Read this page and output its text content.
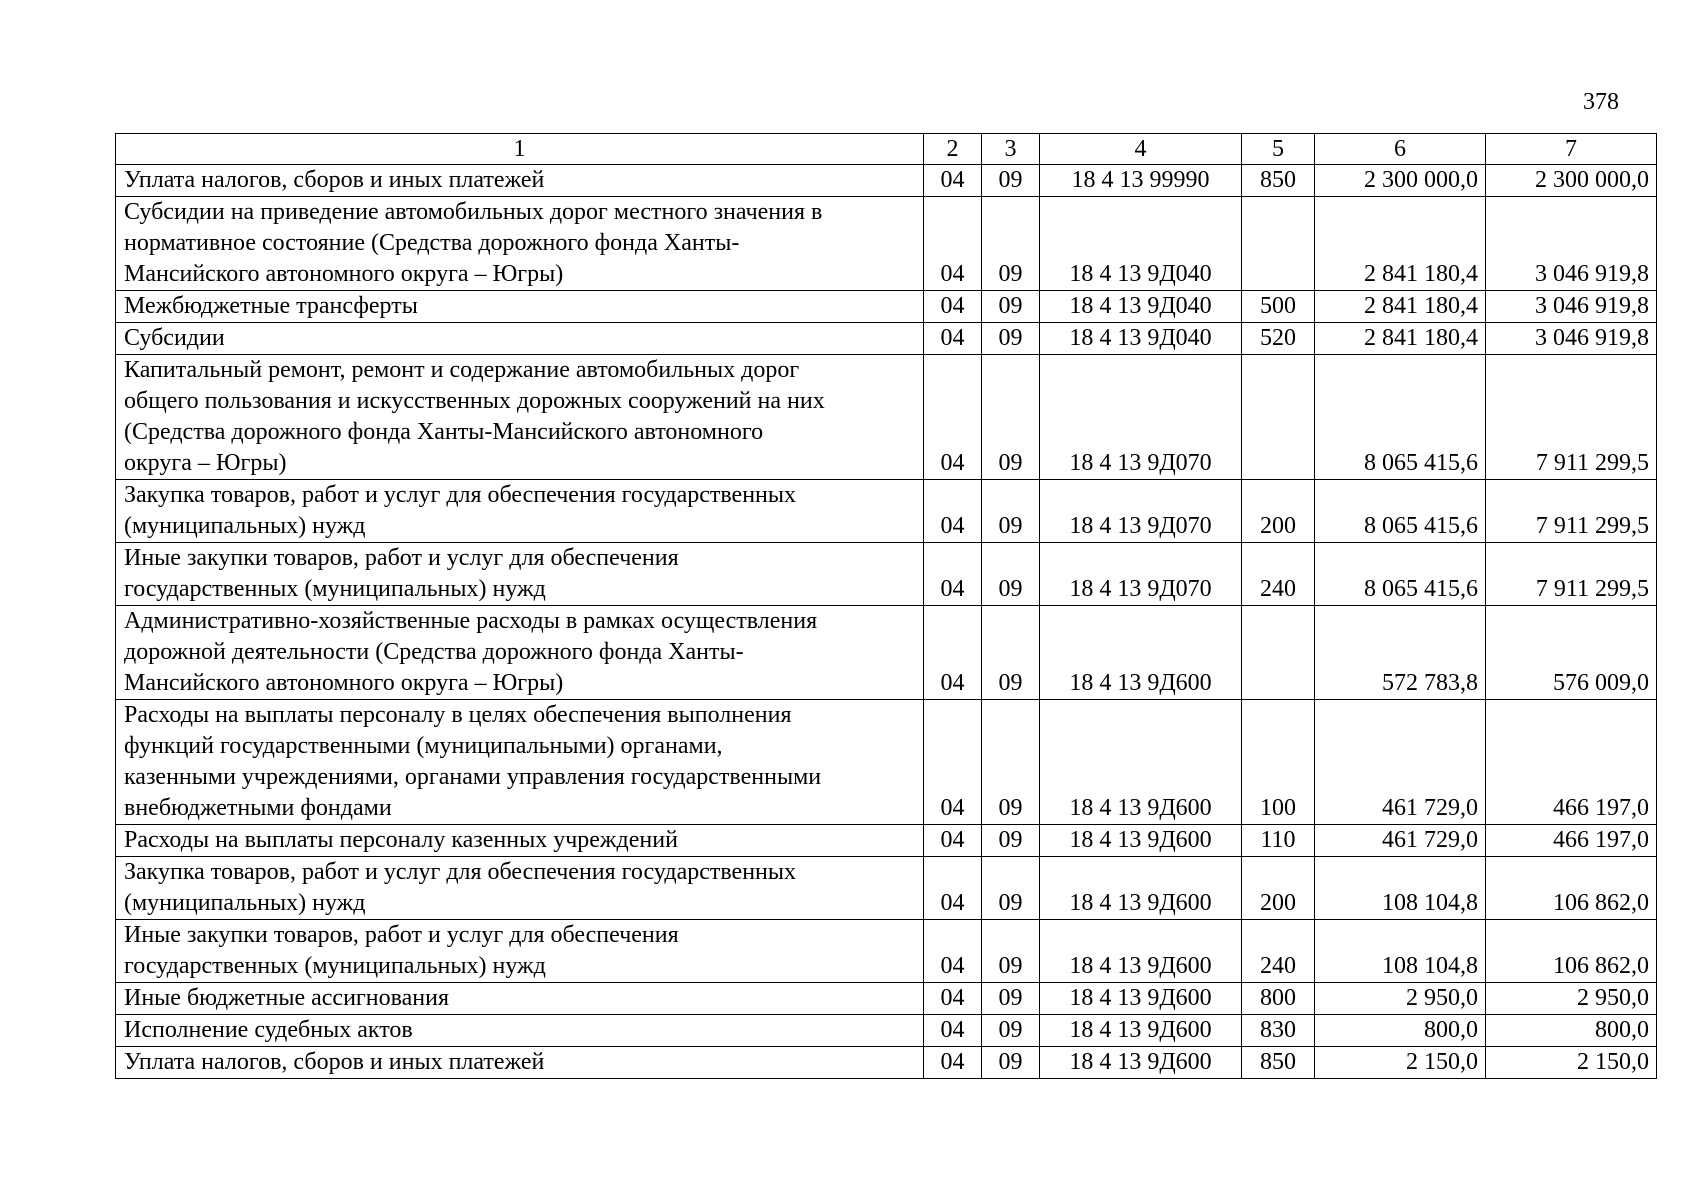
378
1	2	3	4	5	6	7
Уплата налогов, сборов и иных платежей	04	09	18 4 13 99990	850	2 300 000,0	2 300 000,0
Субсидии на приведение автомобильных дорог местного значения в
нормативное состояние (Средства дорожного фонда Ханты-
Мансийского автономного округа – Югры)	04	09	18 4 13 9Д040		2 841 180,4	3 046 919,8
Межбюджетные трансферты	04	09	18 4 13 9Д040	500	2 841 180,4	3 046 919,8
Субсидии	04	09	18 4 13 9Д040	520	2 841 180,4	3 046 919,8
Капитальный ремонт, ремонт и содержание автомобильных дорог
общего пользования и искусственных дорожных сооружений на них
(Средства дорожного фонда Ханты-Мансийского автономного
округа – Югры)	04	09	18 4 13 9Д070		8 065 415,6	7 911 299,5
Закупка товаров, работ и услуг для обеспечения государственных
(муниципальных) нужд	04	09	18 4 13 9Д070	200	8 065 415,6	7 911 299,5
Иные закупки товаров, работ и услуг для обеспечения
государственных (муниципальных) нужд	04	09	18 4 13 9Д070	240	8 065 415,6	7 911 299,5
Административно-хозяйственные расходы в рамках осуществления
дорожной деятельности (Средства дорожного фонда Ханты-
Мансийского автономного округа – Югры)	04	09	18 4 13 9Д600		572 783,8	576 009,0
Расходы на выплаты персоналу в целях обеспечения выполнения
функций государственными (муниципальными) органами,
казенными учреждениями, органами управления государственными
внебюджетными фондами	04	09	18 4 13 9Д600	100	461 729,0	466 197,0
Расходы на выплаты персоналу казенных учреждений	04	09	18 4 13 9Д600	110	461 729,0	466 197,0
Закупка товаров, работ и услуг для обеспечения государственных
(муниципальных) нужд	04	09	18 4 13 9Д600	200	108 104,8	106 862,0
Иные закупки товаров, работ и услуг для обеспечения
государственных (муниципальных) нужд	04	09	18 4 13 9Д600	240	108 104,8	106 862,0
Иные бюджетные ассигнования	04	09	18 4 13 9Д600	800	2 950,0	2 950,0
Исполнение судебных актов	04	09	18 4 13 9Д600	830	800,0	800,0
Уплата налогов, сборов и иных платежей	04	09	18 4 13 9Д600	850	2 150,0	2 150,0
